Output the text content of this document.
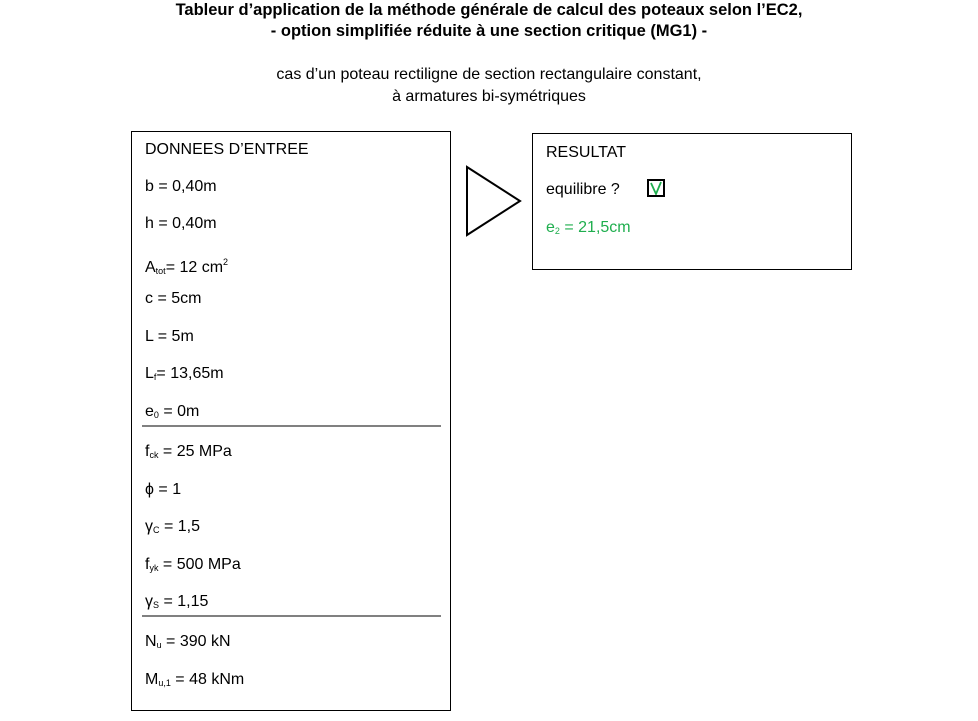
Tableur d’application de la méthode générale de calcul des poteaux selon l’EC2,
- option simplifiée réduite à une section critique (MG1) -
cas d’un poteau rectiligne de section rectangulaire constant,
à armatures bi-symétriques
DONNEES D’ENTREE
b = 0,40m
h = 0,40m
$A_{tot}= 12$ $cm^2$
c = 5cm
L = 5m
$L_f= 13,65m$
$e_0 = 0m$
$f_{ck} = 25$ MPa
ϕ = 1
$\gamma_C = 1,5$
$f_{yk} = 500$ MPa
$\gamma_S = 1,15$
$N_u = 390$ kN
$M_{u,1} = 48$ kNm
RESULTAT
equilibre ?
$e_2 = 21,5cm$
